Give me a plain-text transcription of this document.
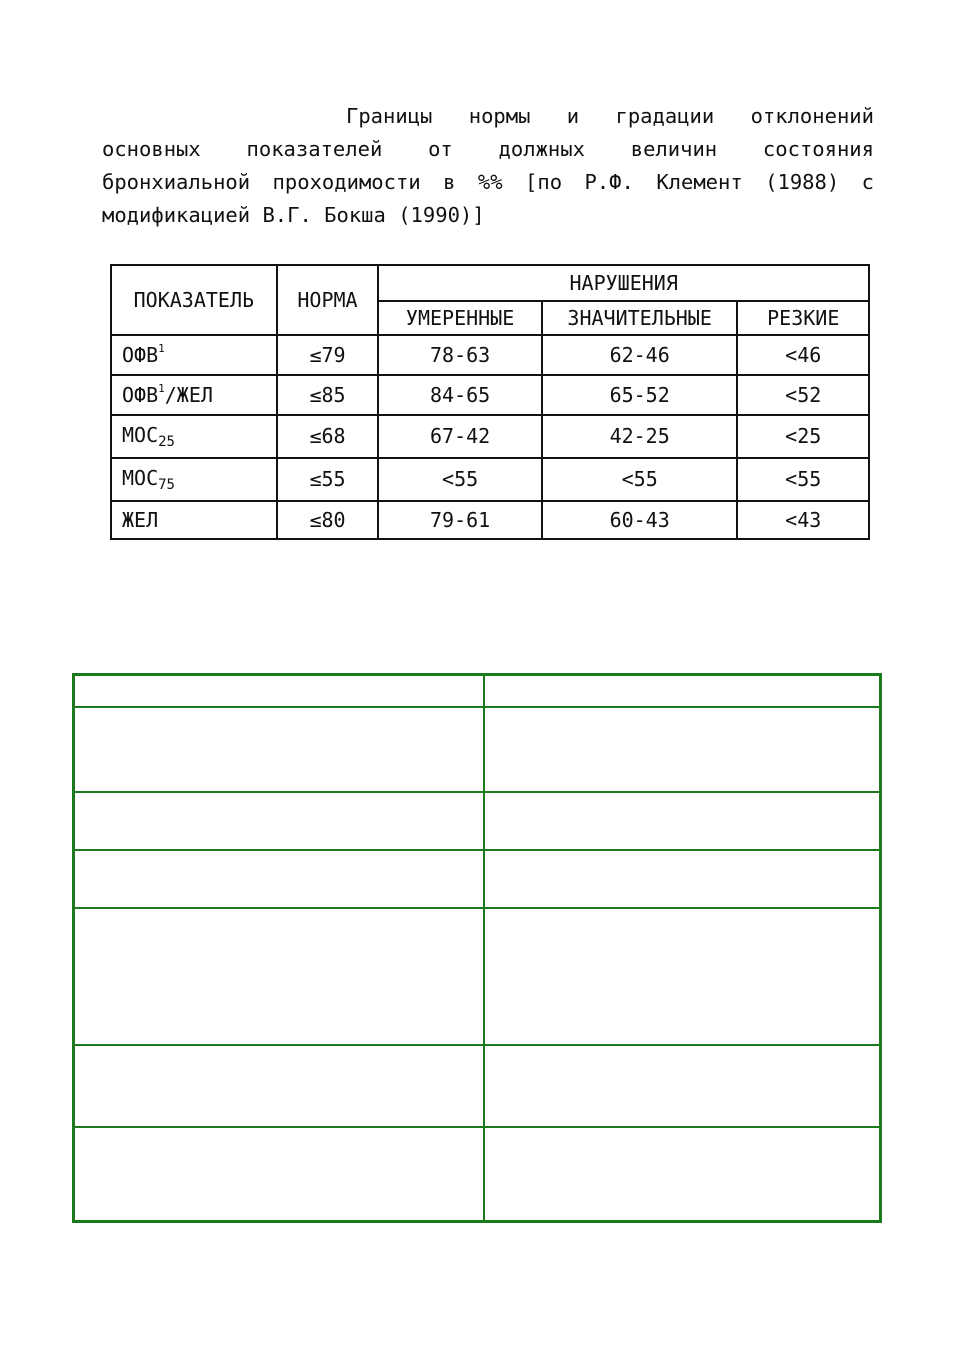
Границы нормы и градации отклонений
основных показателей от должных величин состояния
бронхиальной проходимости в %% [по Р.Ф. Клемент (1988) с
модификацией В.Г. Бокша (1990)]
ПОКАЗАТЕЛЬ	НОРМА	НАРУШЕНИЯ		
		УМЕРЕННЫЕ	ЗНАЧИТЕЛЬНЫЕ	РЕЗКИЕ
$ОФВ^1$	≤79	78-63	62-46	<46
$ОФВ^1$/ЖЕЛ	≤85	84-65	65-52	<52
$МОС_{25}$	≤68	67-42	42-25	<25
$МОС_{75}$	≤55	<55	<55	<55
ЖЕЛ	≤80	79-61	60-43	<43
